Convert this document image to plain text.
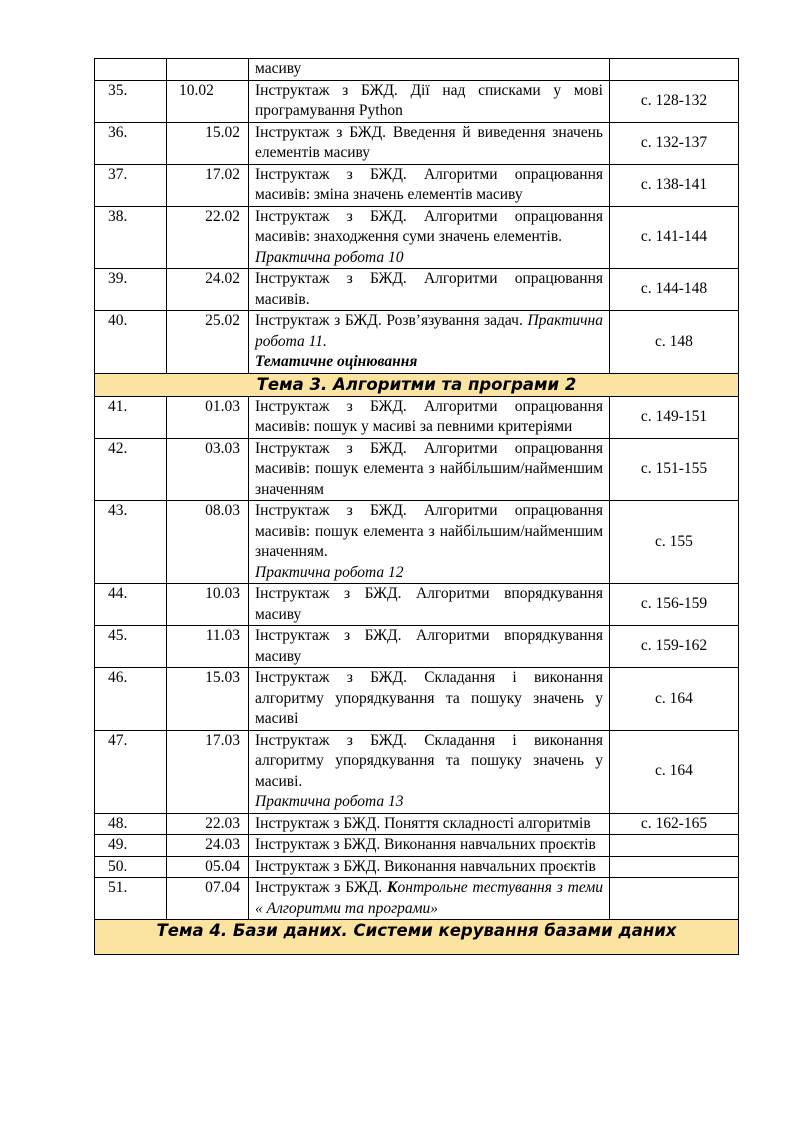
		масиву	
35.	10.02	Інструктаж з БЖД. Дії над списками у мові програмування Python	с. 128-132
36.	15.02	Інструктаж з БЖД. Введення й виведення значень елементів масиву	с. 132-137
37.	17.02	Інструктаж з БЖД. Алгоритми опрацювання масивів: зміна значень елементів масиву	с. 138-141
38.	22.02	Інструктаж з БЖД. Алгоритми опрацювання масивів: знаходження суми значень елементів.
Практична робота 10	с. 141-144
39.	24.02	Інструктаж з БЖД. Алгоритми опрацювання масивів.	с. 144-148
40.	25.02	Інструктаж з БЖД. Розв’язування задач. Практична робота 11.
Тематичне оцінювання	с. 148
Тема 3. Алгоритми та програми 2			
41.	01.03	Інструктаж з БЖД. Алгоритми опрацювання масивів: пошук у масиві за певними критеріями	с. 149-151
42.	03.03	Інструктаж з БЖД. Алгоритми опрацювання масивів: пошук елемента з найбільшим/найменшим значенням	с. 151-155
43.	08.03	Інструктаж з БЖД. Алгоритми опрацювання масивів: пошук елемента з найбільшим/найменшим значенням.
Практична робота 12	с. 155
44.	10.03	Інструктаж з БЖД. Алгоритми впорядкування масиву	с. 156-159
45.	11.03	Інструктаж з БЖД. Алгоритми впорядкування масиву	с. 159-162
46.	15.03	Інструктаж з БЖД. Складання і виконання алгоритму упорядкування та пошуку значень у масиві	с. 164
47.	17.03	Інструктаж з БЖД. Складання і виконання алгоритму упорядкування та пошуку значень у масиві.
Практична робота 13	с. 164
48.	22.03	Інструктаж з БЖД. Поняття складності алгоритмів	с. 162-165
49.	24.03	Інструктаж з БЖД. Виконання навчальних проєктів	
50.	05.04	Інструктаж з БЖД. Виконання навчальних проєктів	
51.	07.04	Інструктаж з БЖД. Контрольне тестування з теми « Алгоритми та програми»	
Тема 4. Бази даних. Системи керування базами даних			
